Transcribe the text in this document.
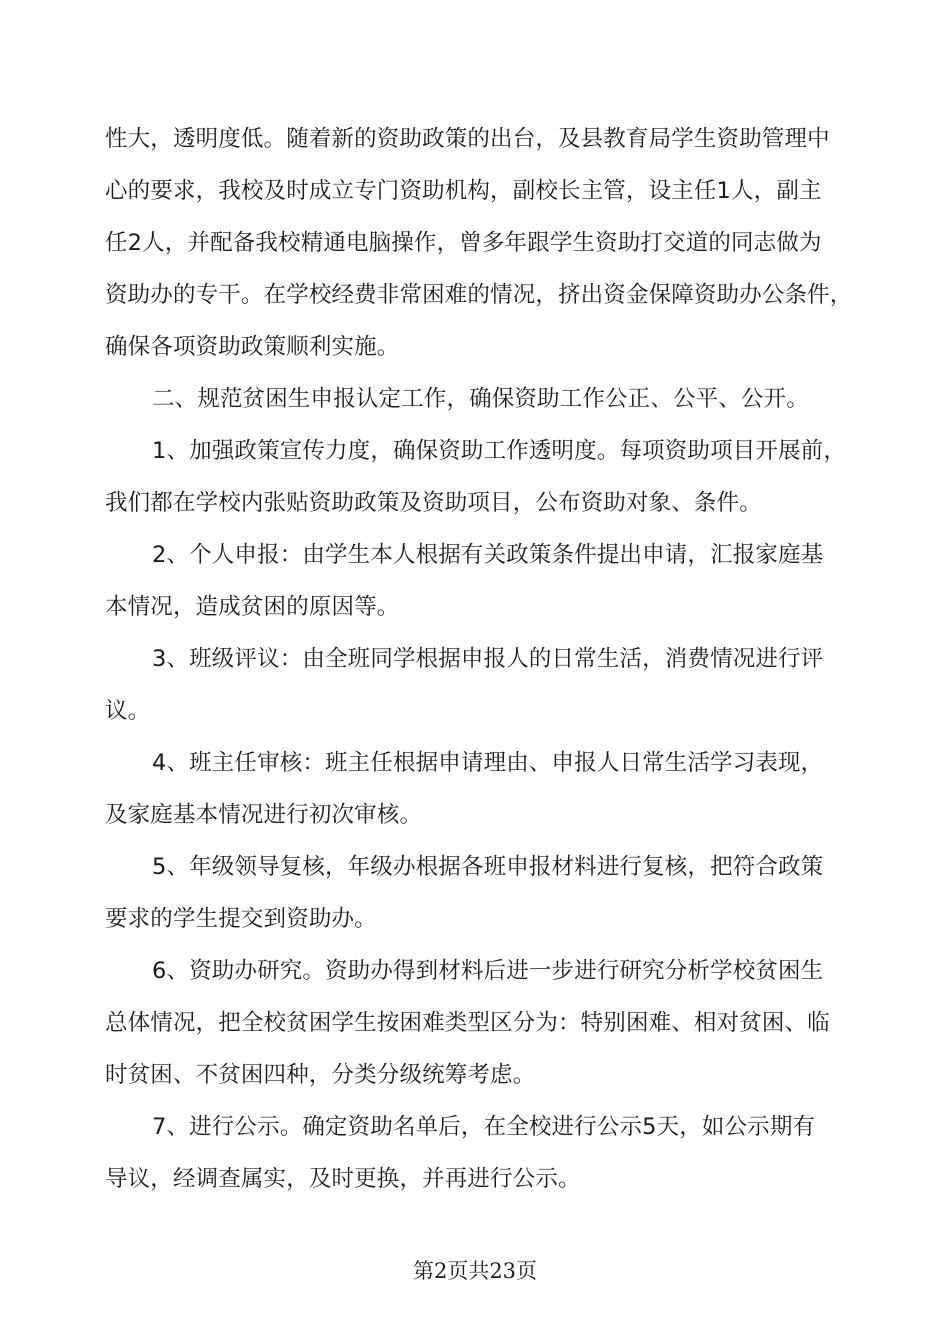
性大，透明度低。随着新的资助政策的出台，及县教育局学生资助管理中
心的要求，我校及时成立专门资助机构，副校长主管，设主任1人，副主
任2人，并配备我校精通电脑操作，曾多年跟学生资助打交道的同志做为
资助办的专干。在学校经费非常困难的情况，挤出资金保障资助办公条件，
确保各项资助政策顺利实施。
二、规范贫困生申报认定工作，确保资助工作公正、公平、公开。
1、加强政策宣传力度，确保资助工作透明度。每项资助项目开展前，
我们都在学校内张贴资助政策及资助项目，公布资助对象、条件。
2、个人申报：由学生本人根据有关政策条件提出申请，汇报家庭基
本情况，造成贫困的原因等。
3、班级评议：由全班同学根据申报人的日常生活，消费情况进行评
议。
4、班主任审核：班主任根据申请理由、申报人日常生活学习表现，
及家庭基本情况进行初次审核。
5、年级领导复核，年级办根据各班申报材料进行复核，把符合政策
要求的学生提交到资助办。
6、资助办研究。资助办得到材料后进一步进行研究分析学校贫困生
总体情况，把全校贫困学生按困难类型区分为：特别困难、相对贫困、临
时贫困、不贫困四种，分类分级统筹考虑。
7、进行公示。确定资助名单后，在全校进行公示5天，如公示期有
导议，经调查属实，及时更换，并再进行公示。
第2页共23页
